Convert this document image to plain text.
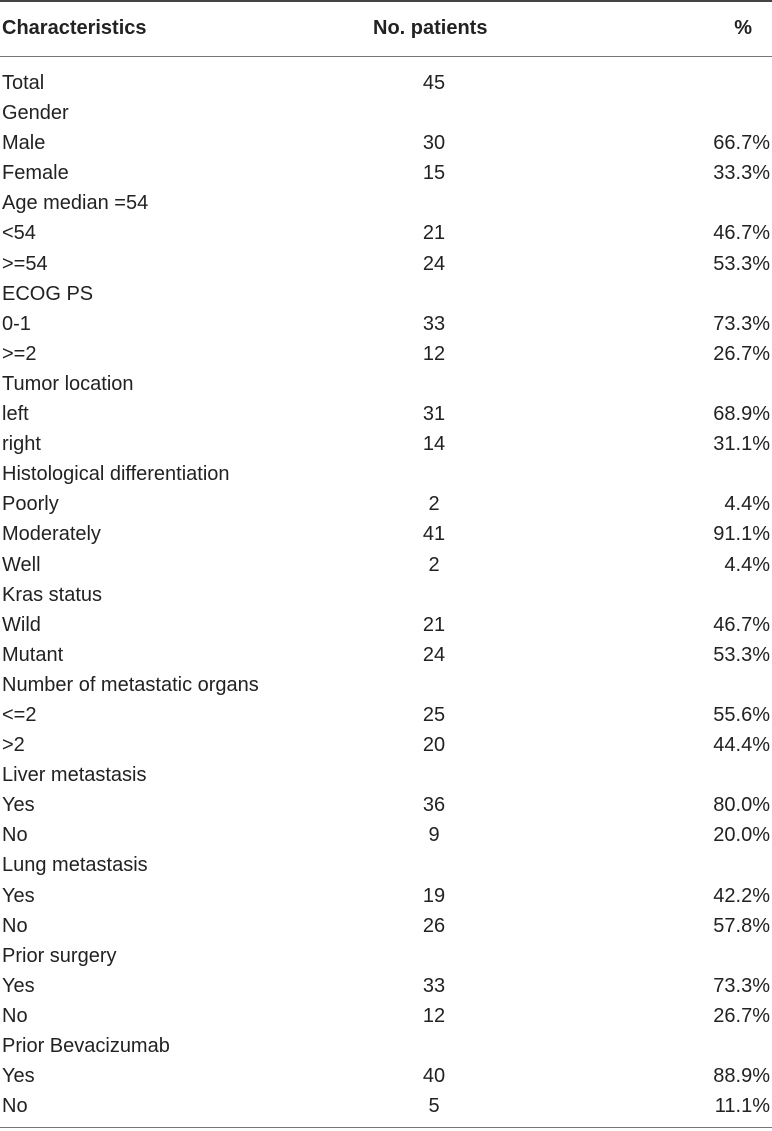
Characteristics	No. patients	%
Total	45
Gender
Male	30	66.7%
Female	15	33.3%
Age median =54
<54	21	46.7%
>=54	24	53.3%
ECOG PS
0-1	33	73.3%
>=2	12	26.7%
Tumor location
left	31	68.9%
right	14	31.1%
Histological differentiation
Poorly	2	4.4%
Moderately	41	91.1%
Well	2	4.4%
Kras status
Wild	21	46.7%
Mutant	24	53.3%
Number of metastatic organs
<=2	25	55.6%
>2	20	44.4%
Liver metastasis
Yes	36	80.0%
No	9	20.0%
Lung metastasis
Yes	19	42.2%
No	26	57.8%
Prior surgery
Yes	33	73.3%
No	12	26.7%
Prior Bevacizumab
Yes	40	88.9%
No	5	11.1%
